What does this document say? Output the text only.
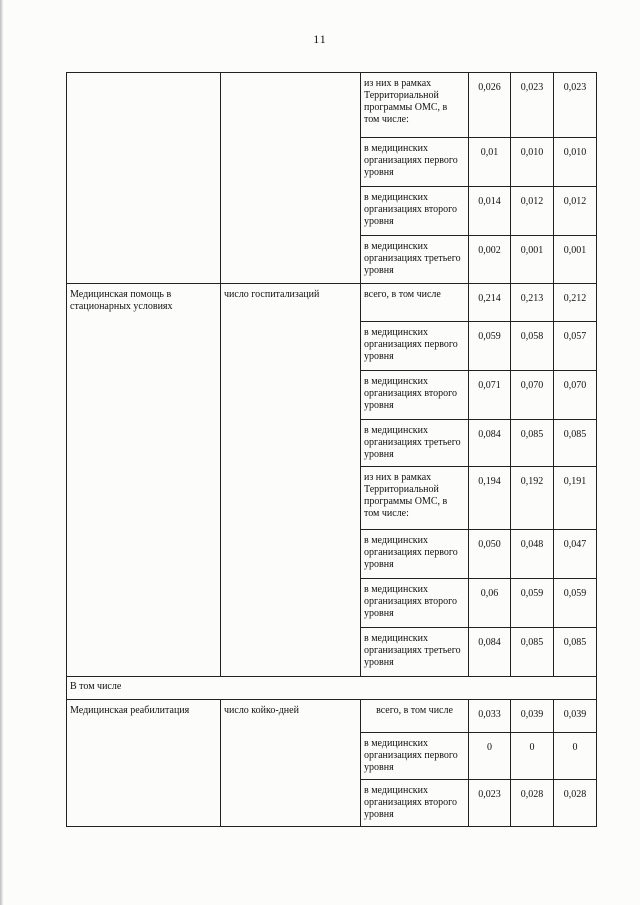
11
		из них в рамках Территориальной программы ОМС, в том числе:	0,026	0,023	0,023
		в медицинских организациях первого уровня	0,01	0,010	0,010
		в медицинских организациях второго уровня	0,014	0,012	0,012
		в медицинских организациях третьего уровня	0,002	0,001	0,001
Медицинская помощь в стационарных условиях	число госпитализаций	всего, в том числе	0,214	0,213	0,212
		в медицинских организациях первого уровня	0,059	0,058	0,057
		в медицинских организациях второго уровня	0,071	0,070	0,070
		в медицинских организациях третьего уровня	0,084	0,085	0,085
		из них в рамках Территориальной программы ОМС, в том числе:	0,194	0,192	0,191
		в медицинских организациях первого уровня	0,050	0,048	0,047
		в медицинских организациях второго уровня	0,06	0,059	0,059
		в медицинских организациях третьего уровня	0,084	0,085	0,085
В том числе					
Медицинская реабилитация	число койко-дней	всего, в том числе	0,033	0,039	0,039
		в медицинских организациях первого уровня	0	0	0
		в медицинских организациях второго уровня	0,023	0,028	0,028
